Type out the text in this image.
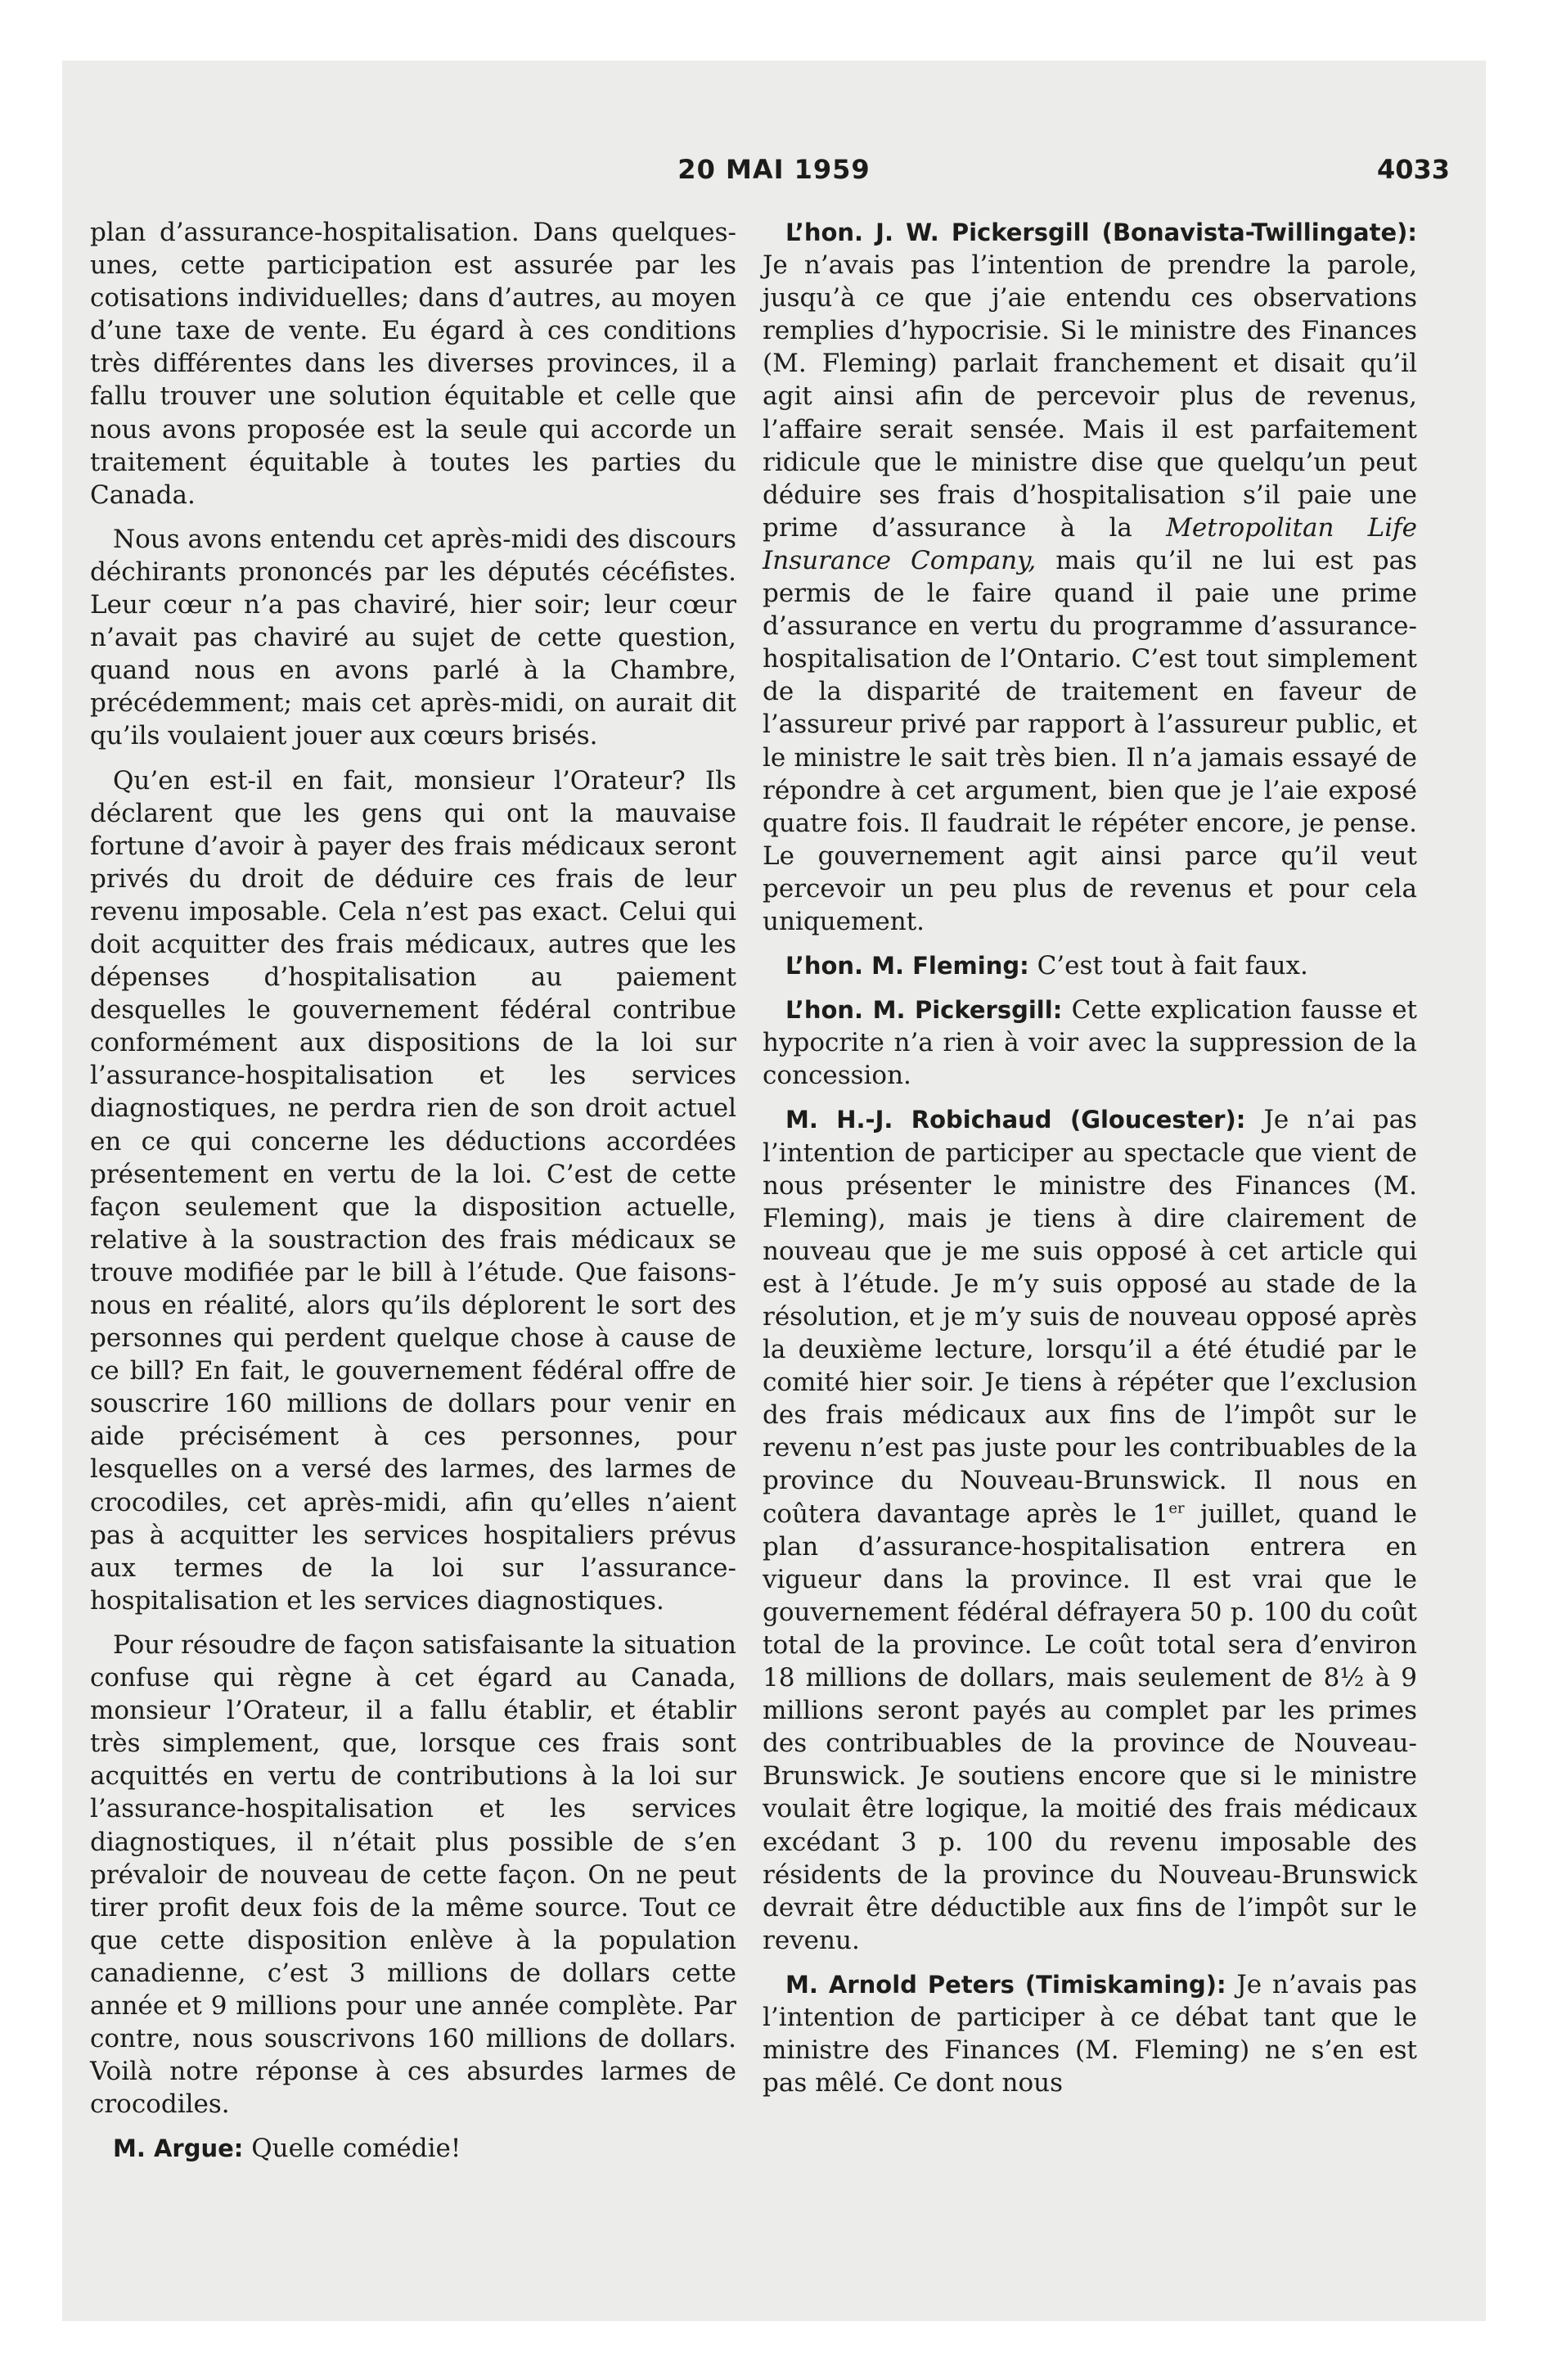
20 MAI 1959	4033

plan d’assurance-hospitalisation. Dans quelques-unes, cette participation est assurée par les cotisations individuelles; dans d’autres, au moyen d’une taxe de vente. Eu égard à ces conditions très différentes dans les diverses provinces, il a fallu trouver une solution équitable et celle que nous avons proposée est la seule qui accorde un traitement équitable à toutes les parties du Canada.

Nous avons entendu cet après-midi des discours déchirants prononcés par les députés cécéfistes. Leur cœur n’a pas chaviré, hier soir; leur cœur n’avait pas chaviré au sujet de cette question, quand nous en avons parlé à la Chambre, précédemment; mais cet après-midi, on aurait dit qu’ils voulaient jouer aux cœurs brisés.

Qu’en est-il en fait, monsieur l’Orateur? Ils déclarent que les gens qui ont la mauvaise fortune d’avoir à payer des frais médicaux seront privés du droit de déduire ces frais de leur revenu imposable. Cela n’est pas exact. Celui qui doit acquitter des frais médicaux, autres que les dépenses d’hospitalisation au paiement desquelles le gouvernement fédéral contribue conformément aux dispositions de la loi sur l’assurance-hospitalisation et les services diagnostiques, ne perdra rien de son droit actuel en ce qui concerne les déductions accordées présentement en vertu de la loi. C’est de cette façon seulement que la disposition actuelle, relative à la soustraction des frais médicaux se trouve modifiée par le bill à l’étude. Que faisons-nous en réalité, alors qu’ils déplorent le sort des personnes qui perdent quelque chose à cause de ce bill? En fait, le gouvernement fédéral offre de souscrire 160 millions de dollars pour venir en aide précisément à ces personnes, pour lesquelles on a versé des larmes, des larmes de crocodiles, cet après-midi, afin qu’elles n’aient pas à acquitter les services hospitaliers prévus aux termes de la loi sur l’assurance-hospitalisation et les services diagnostiques.

Pour résoudre de façon satisfaisante la situation confuse qui règne à cet égard au Canada, monsieur l’Orateur, il a fallu établir, et établir très simplement, que, lorsque ces frais sont acquittés en vertu de contributions à la loi sur l’assurance-hospitalisation et les services diagnostiques, il n’était plus possible de s’en prévaloir de nouveau de cette façon. On ne peut tirer profit deux fois de la même source. Tout ce que cette disposition enlève à la population canadienne, c’est 3 millions de dollars cette année et 9 millions pour une année complète. Par contre, nous souscrivons 160 millions de dollars. Voilà notre réponse à ces absurdes larmes de crocodiles.

M. Argue: Quelle comédie!

L’hon. J. W. Pickersgill (Bonavista-Twillingate): Je n’avais pas l’intention de prendre la parole, jusqu’à ce que j’aie entendu ces observations remplies d’hypocrisie. Si le ministre des Finances (M. Fleming) parlait franchement et disait qu’il agit ainsi afin de percevoir plus de revenus, l’affaire serait sensée. Mais il est parfaitement ridicule que le ministre dise que quelqu’un peut déduire ses frais d’hospitalisation s’il paie une prime d’assurance à la Metropolitan Life Insurance Company, mais qu’il ne lui est pas permis de le faire quand il paie une prime d’assurance en vertu du programme d’assurance-hospitalisation de l’Ontario. C’est tout simplement de la disparité de traitement en faveur de l’assureur privé par rapport à l’assureur public, et le ministre le sait très bien. Il n’a jamais essayé de répondre à cet argument, bien que je l’aie exposé quatre fois. Il faudrait le répéter encore, je pense. Le gouvernement agit ainsi parce qu’il veut percevoir un peu plus de revenus et pour cela uniquement.

L’hon. M. Fleming: C’est tout à fait faux.

L’hon. M. Pickersgill: Cette explication fausse et hypocrite n’a rien à voir avec la suppression de la concession.

M. H.-J. Robichaud (Gloucester): Je n’ai pas l’intention de participer au spectacle que vient de nous présenter le ministre des Finances (M. Fleming), mais je tiens à dire clairement de nouveau que je me suis opposé à cet article qui est à l’étude. Je m’y suis opposé au stade de la résolution, et je m’y suis de nouveau opposé après la deuxième lecture, lorsqu’il a été étudié par le comité hier soir. Je tiens à répéter que l’exclusion des frais médicaux aux fins de l’impôt sur le revenu n’est pas juste pour les contribuables de la province du Nouveau-Brunswick. Il nous en coûtera davantage après le 1er juillet, quand le plan d’assurance-hospitalisation entrera en vigueur dans la province. Il est vrai que le gouvernement fédéral défrayera 50 p. 100 du coût total de la province. Le coût total sera d’environ 18 millions de dollars, mais seulement de 8½ à 9 millions seront payés au complet par les primes des contribuables de la province de Nouveau-Brunswick. Je soutiens encore que si le ministre voulait être logique, la moitié des frais médicaux excédant 3 p. 100 du revenu imposable des résidents de la province du Nouveau-Brunswick devrait être déductible aux fins de l’impôt sur le revenu.

M. Arnold Peters (Timiskaming): Je n’avais pas l’intention de participer à ce débat tant que le ministre des Finances (M. Fleming) ne s’en est pas mêlé. Ce dont nous
